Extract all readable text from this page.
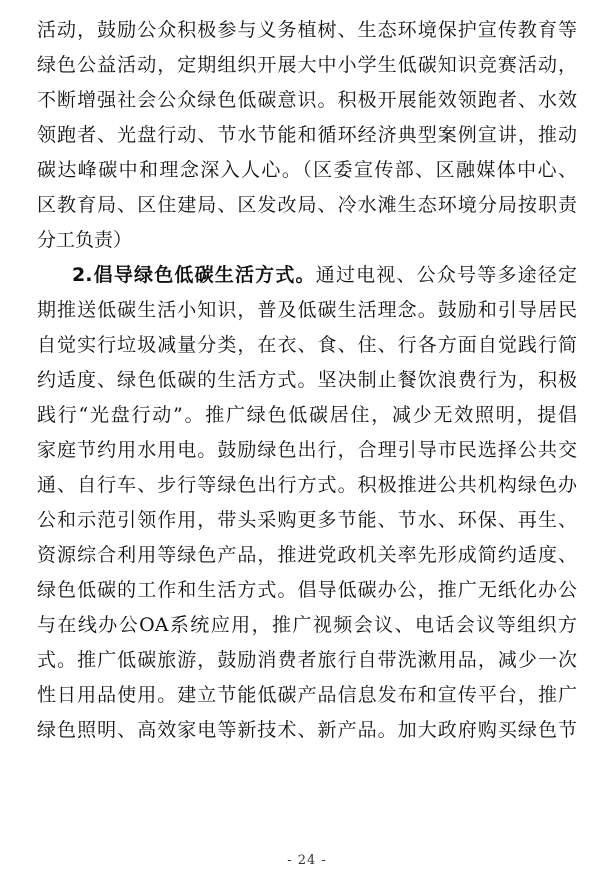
活动，鼓励公众积极参与义务植树、生态环境保护宣传教育等
绿色公益活动，定期组织开展大中小学生低碳知识竞赛活动，
不断增强社会公众绿色低碳意识。积极开展能效领跑者、水效
领跑者、光盘行动、节水节能和循环经济典型案例宣讲，推动
碳达峰碳中和理念深入人心。（区委宣传部、区融媒体中心、
区教育局、区住建局、区发改局、冷水滩生态环境分局按职责
分工负责）
2.倡导绿色低碳生活方式。通过电视、公众号等多途径定
期推送低碳生活小知识，普及低碳生活理念。鼓励和引导居民
自觉实行垃圾减量分类，在衣、食、住、行各方面自觉践行简
约适度、绿色低碳的生活方式。坚决制止餐饮浪费行为，积极
践行“光盘行动”。推广绿色低碳居住，减少无效照明，提倡
家庭节约用水用电。鼓励绿色出行，合理引导市民选择公共交
通、自行车、步行等绿色出行方式。积极推进公共机构绿色办
公和示范引领作用，带头采购更多节能、节水、环保、再生、
资源综合利用等绿色产品，推进党政机关率先形成简约适度、
绿色低碳的工作和生活方式。倡导低碳办公，推广无纸化办公
与在线办公OA系统应用，推广视频会议、电话会议等组织方
式。推广低碳旅游，鼓励消费者旅行自带洗漱用品，减少一次
性日用品使用。建立节能低碳产品信息发布和宣传平台，推广
绿色照明、高效家电等新技术、新产品。加大政府购买绿色节
- 24 -
